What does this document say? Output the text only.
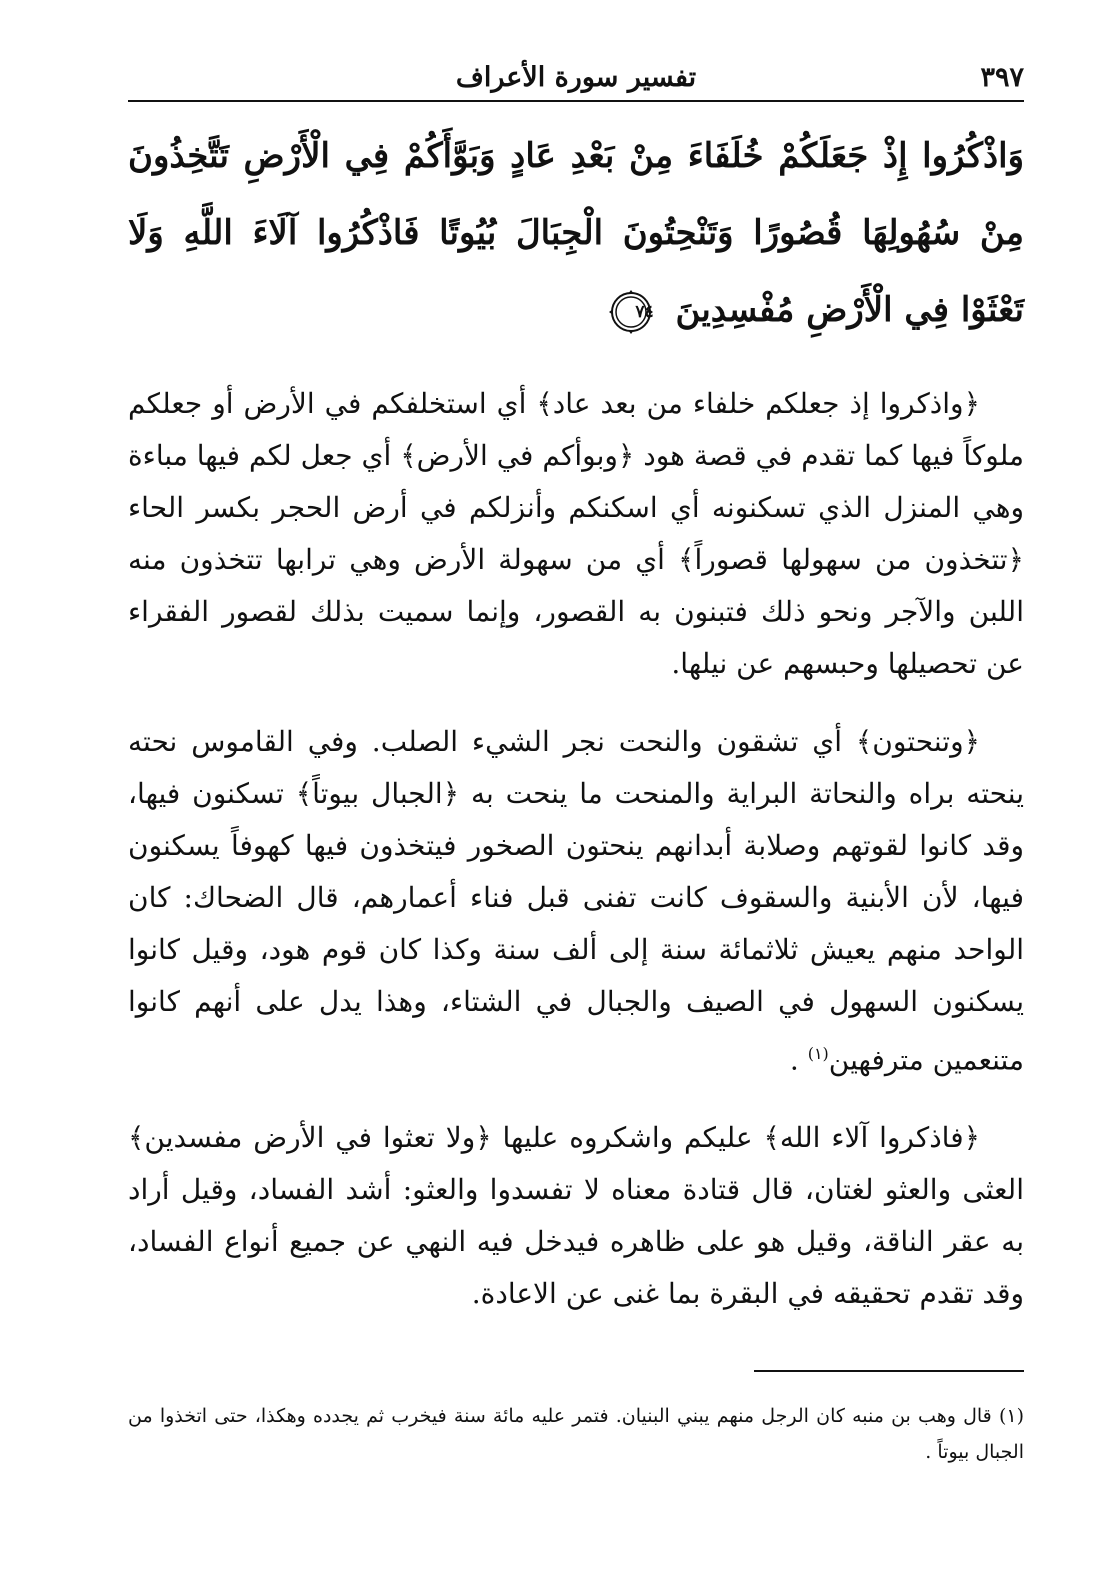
٣٩٧
تفسير سورة الأعراف
وَاذْكُرُوا إِذْ جَعَلَكُمْ خُلَفَاءَ مِنْ بَعْدِ عَادٍ وَبَوَّأَكُمْ فِي الْأَرْضِ تَتَّخِذُونَ مِنْ سُهُولِهَا قُصُورًا وَتَنْحِتُونَ الْجِبَالَ بُيُوتًا فَاذْكُرُوا آلَاءَ اللَّهِ وَلَا تَعْثَوْا فِي الْأَرْضِ مُفْسِدِينَ
٧٤

﴿واذكروا إذ جعلكم خلفاء من بعد عاد﴾ أي استخلفكم في الأرض أو جعلكم ملوكاً فيها كما تقدم في قصة هود ﴿وبوأكم في الأرض﴾ أي جعل لكم فيها مباءة وهي المنزل الذي تسكنونه أي اسكنكم وأنزلكم في أرض الحجر بكسر الحاء ﴿تتخذون من سهولها قصوراً﴾ أي من سهولة الأرض وهي ترابها تتخذون منه اللبن والآجر ونحو ذلك فتبنون به القصور، وإنما سميت بذلك لقصور الفقراء عن تحصيلها وحبسهم عن نيلها.

﴿وتنحتون﴾ أي تشقون والنحت نجر الشيء الصلب. وفي القاموس نحته ينحته براه والنحاتة البراية والمنحت ما ينحت به ﴿الجبال بيوتاً﴾ تسكنون فيها، وقد كانوا لقوتهم وصلابة أبدانهم ينحتون الصخور فيتخذون فيها كهوفاً يسكنون فيها، لأن الأبنية والسقوف كانت تفنى قبل فناء أعمارهم، قال الضحاك: كان الواحد منهم يعيش ثلاثمائة سنة إلى ألف سنة وكذا كان قوم هود، وقيل كانوا يسكنون السهول في الصيف والجبال في الشتاء، وهذا يدل على أنهم كانوا متنعمين مترفهين$^{(١)}$ .

﴿فاذكروا آلاء الله﴾ عليكم واشكروه عليها ﴿ولا تعثوا في الأرض مفسدين﴾ العثى والعثو لغتان، قال قتادة معناه لا تفسدوا والعثو: أشد الفساد، وقيل أراد به عقر الناقة، وقيل هو على ظاهره فيدخل فيه النهي عن جميع أنواع الفساد، وقد تقدم تحقيقه في البقرة بما غنى عن الاعادة.

(١) قال وهب بن منبه كان الرجل منهم يبني البنيان. فتمر عليه مائة سنة فيخرب ثم يجدده وهكذا، حتى اتخذوا من الجبال بيوتاً .
